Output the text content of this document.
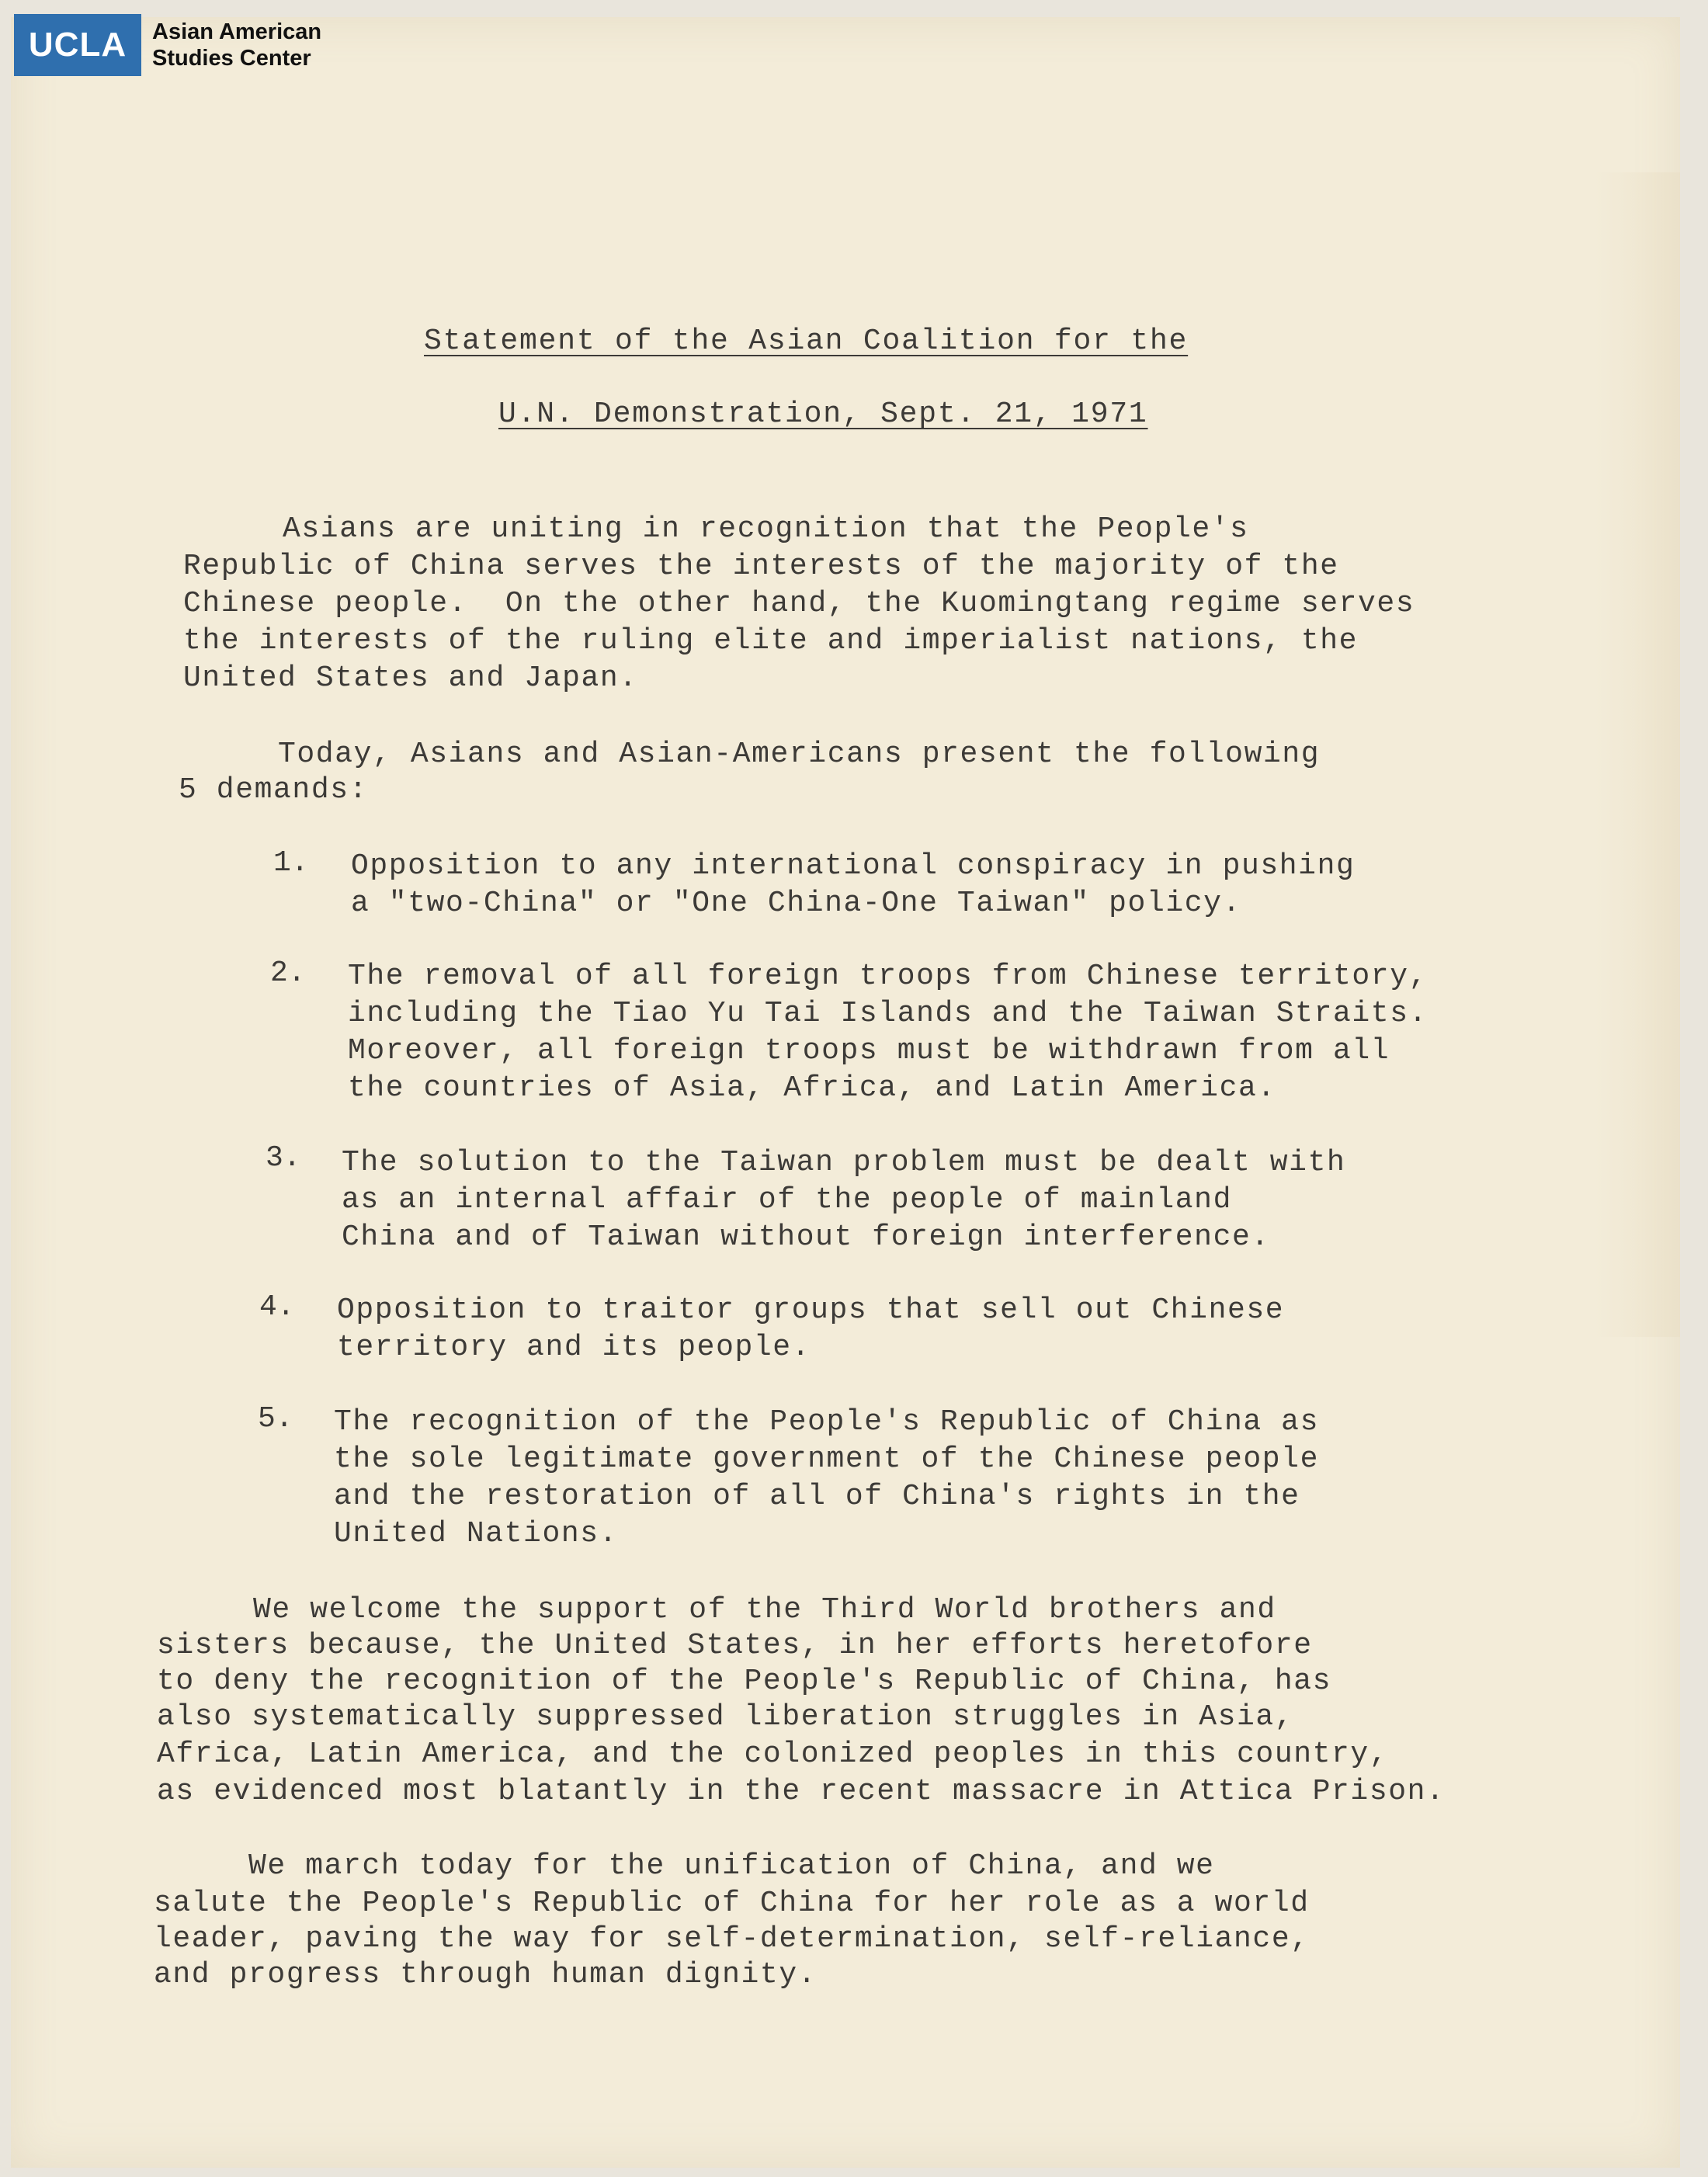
UCLA	Asian American
Studies Center
Statement of the Asian Coalition for the
U.N. Demonstration, Sept. 21, 1971
Asians are uniting in recognition that the People's
Republic of China serves the interests of the majority of the
Chinese people.  On the other hand, the Kuomingtang regime serves
the interests of the ruling elite and imperialist nations, the
United States and Japan.
Today, Asians and Asian-Americans present the following
5 demands:
1. Opposition to any international conspiracy in pushing
a "two-China" or "One China-One Taiwan" policy.
2. The removal of all foreign troops from Chinese territory,
including the Tiao Yu Tai Islands and the Taiwan Straits.
Moreover, all foreign troops must be withdrawn from all
the countries of Asia, Africa, and Latin America.
3. The solution to the Taiwan problem must be dealt with
as an internal affair of the people of mainland
China and of Taiwan without foreign interference.
4. Opposition to traitor groups that sell out Chinese
territory and its people.
5. The recognition of the People's Republic of China as
the sole legitimate government of the Chinese people
and the restoration of all of China's rights in the
United Nations.
We welcome the support of the Third World brothers and
sisters because, the United States, in her efforts heretofore
to deny the recognition of the People's Republic of China, has
also systematically suppressed liberation struggles in Asia,
Africa, Latin America, and the colonized peoples in this country,
as evidenced most blatantly in the recent massacre in Attica Prison.
We march today for the unification of China, and we
salute the People's Republic of China for her role as a world
leader, paving the way for self-determination, self-reliance,
and progress through human dignity.
